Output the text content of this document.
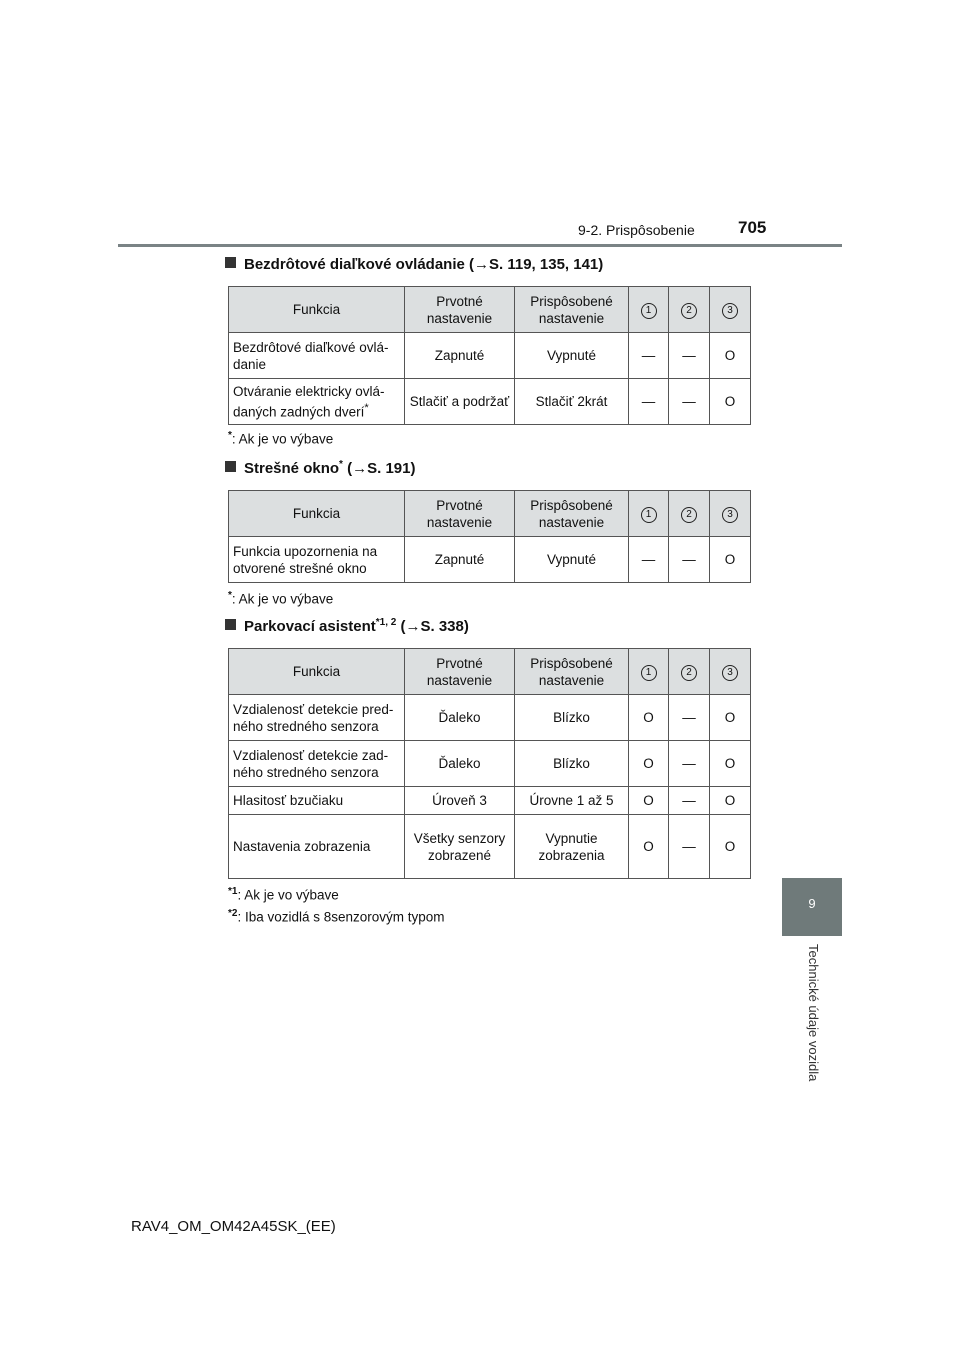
9-2. Prispôsobenie	705
9
Technické údaje vozidla
Bezdrôtové diaľkové ovládanie (→S. 119, 135, 141)
Funkcia	Prvotné nastavenie	Prispôsobené nastavenie	1	2	3
Bezdrôtové diaľkové ovlá-danie	Zapnuté	Vypnuté	—	—	O
Otváranie elektricky ovlá-daných zadných dverí*	Stlačiť a podržať	Stlačiť 2krát	—	—	O
*: Ak je vo výbave
Strešné okno* (→S. 191)
Funkcia	Prvotné nastavenie	Prispôsobené nastavenie	1	2	3
Funkcia upozornenia na otvorené strešné okno	Zapnuté	Vypnuté	—	—	O
*: Ak je vo výbave
Parkovací asistent$^{*1, 2}$ (→S. 338)
Funkcia	Prvotné nastavenie	Prispôsobené nastavenie	1	2	3
Vzdialenosť detekcie pred-ného stredného senzora	Ďaleko	Blízko	O	—	O
Vzdialenosť detekcie zad-ného stredného senzora	Ďaleko	Blízko	O	—	O
Hlasitosť bzučiaku	Úroveň 3	Úrovne 1 až 5	O	—	O
Nastavenia zobrazenia	Všetky senzory zobrazené	Vypnutie zobrazenia	O	—	O
$^{*1}$: Ak je vo výbave
$^{*2}$: Iba vozidlá s 8senzorovým typom
RAV4_OM_OM42A45SK_(EE)
